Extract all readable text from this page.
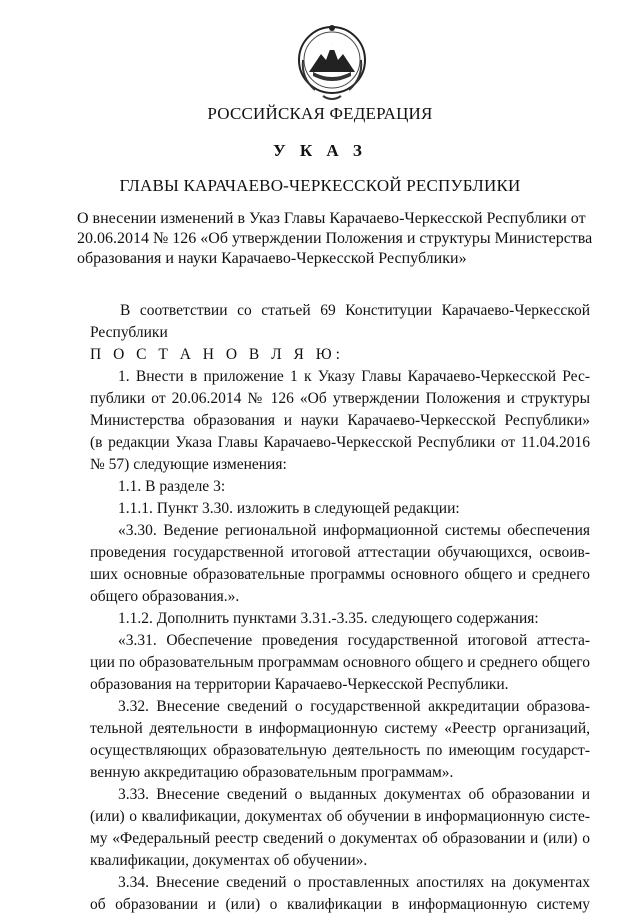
РОССИЙСКАЯ ФЕДЕРАЦИЯ
У К А З
ГЛАВЫ КАРАЧАЕВО-ЧЕРКЕССКОЙ РЕСПУБЛИКИ
О внесении изменений в Указ Главы Карачаево-Черкесской Республики от
20.06.2014 № 126 «Об утверждении Положения и структуры Министерства
образования и науки Карачаево-Черкесской Республики»
В соответствии со статьей 69 Конституции Карачаево-Черкесской
Республики
П О С Т А Н О В Л Я Ю:
1. Внести в приложение 1 к Указу Главы Карачаево-Черкесской Рес-
публики от 20.06.2014 № 126 «Об утверждении Положения и структуры
Министерства образования и науки Карачаево-Черкесской Республики»
(в редакции Указа Главы Карачаево-Черкесской Республики от 11.04.2016
№ 57) следующие изменения:
1.1. В разделе 3:
1.1.1. Пункт 3.30. изложить в следующей редакции:
«3.30. Ведение региональной информационной системы обеспечения
проведения государственной итоговой аттестации обучающихся, освоив-
ших основные образовательные программы основного общего и среднего
общего образования.».
1.1.2. Дополнить пунктами 3.31.-3.35. следующего содержания:
«3.31. Обеспечение проведения государственной итоговой аттеста-
ции по образовательным программам основного общего и среднего общего
образования на территории Карачаево-Черкесской Республики.
3.32. Внесение сведений о государственной аккредитации образова-
тельной деятельности в информационную систему «Реестр организаций,
осуществляющих образовательную деятельность по имеющим государст-
венную аккредитацию образовательным программам».
3.33. Внесение сведений о выданных документах об образовании и
(или) о квалификации, документах об обучении в информационную систе-
му «Федеральный реестр сведений о документах об образовании и (или) о
квалификации, документах об обучении».
3.34. Внесение сведений о проставленных апостилях на документах
об образовании и (или) о квалификации в информационную систему
